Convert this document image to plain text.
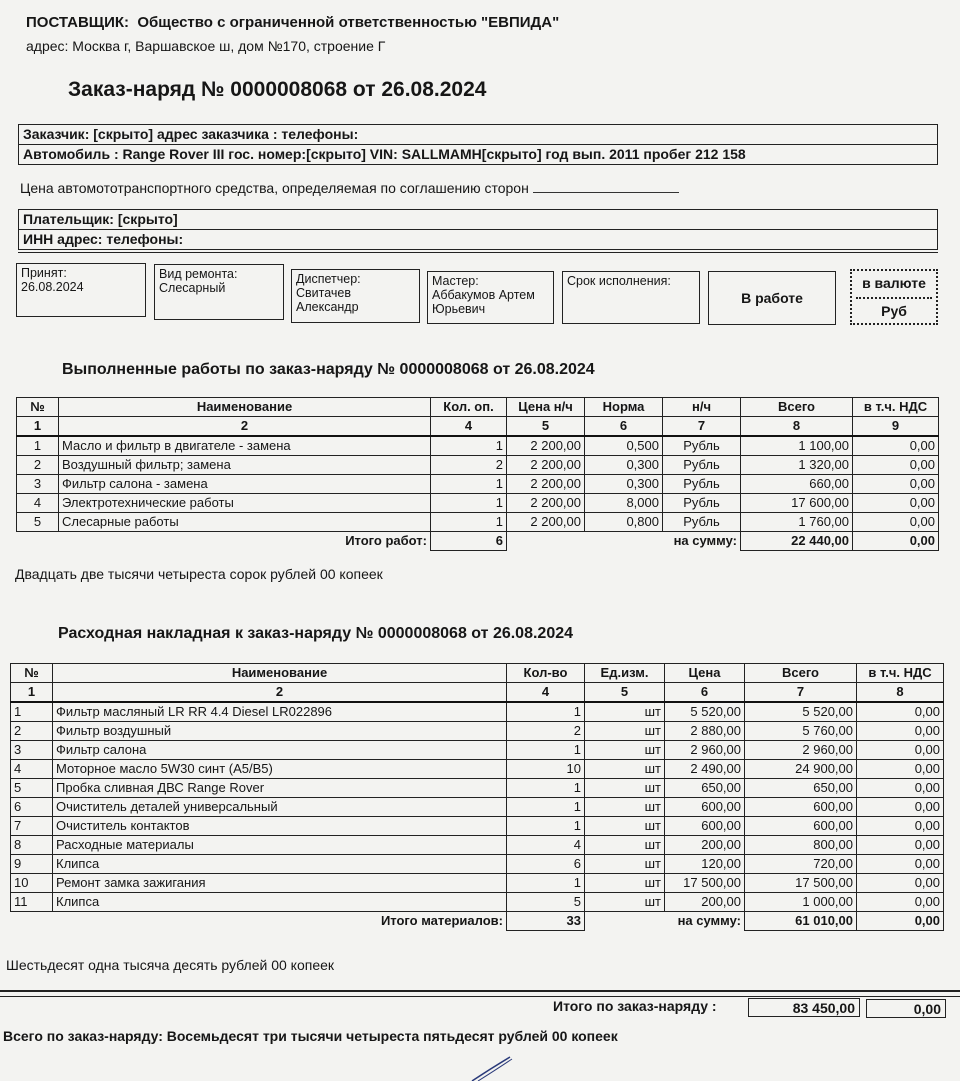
ПОСТАВЩИК: Общество с ограниченной ответственностью "ЕВПИДА"
адрес: Москва г, Варшавское ш, дом №170, строение Г
Заказ-наряд № 0000008068 от 26.08.2024
Заказчик: [скрыто] адрес заказчика : телефоны:
Автомобиль : Range Rover III гос. номер:[скрыто] VIN: SALLMAMH[скрыто] год вып. 2011 пробег 212 158
Цена автомототранспортного средства, определяемая по соглашению сторон
Плательщик: [скрыто]
ИНН адрес: телефоны:
Принят:
26.08.2024
Вид ремонта:
Слесарный
Диспетчер:
Свитачев Александр
Мастер:
Аббакумов Артем Юрьевич
Срок исполнения:
В работе
в валюте
Руб
Выполненные работы по заказ-наряду № 0000008068 от 26.08.2024
№	Наименование	Кол. оп.	Цена н/ч	Норма	н/ч	Всего	в т.ч. НДС
1	2	4	5	6	7	8	9
1	Масло и фильтр в двигателе - замена	1	2 200,00	0,500	Рубль	1 100,00	0,00
2	Воздушный фильтр; замена	2	2 200,00	0,300	Рубль	1 320,00	0,00
3	Фильтр салона - замена	1	2 200,00	0,300	Рубль	660,00	0,00
4	Электротехнические работы	1	2 200,00	8,000	Рубль	17 600,00	0,00
5	Слесарные работы	1	2 200,00	0,800	Рубль	1 760,00	0,00
	Итого работ:	6			на сумму:	22 440,00	0,00
Двадцать две тысячи четыреста сорок рублей 00 копеек
Расходная накладная к заказ-наряду № 0000008068 от 26.08.2024
№	Наименование	Кол-во	Ед.изм.	Цена	Всего	в т.ч. НДС
1	2	4	5	6	7	8
1	Фильтр масляный LR RR 4.4 Diesel LR022896	1	шт	5 520,00	5 520,00	0,00
2	Фильтр воздушный	2	шт	2 880,00	5 760,00	0,00
3	Фильтр салона	1	шт	2 960,00	2 960,00	0,00
4	Моторное масло 5W30 синт (A5/B5)	10	шт	2 490,00	24 900,00	0,00
5	Пробка сливная ДВС Range Rover	1	шт	650,00	650,00	0,00
6	Очиститель деталей универсальный	1	шт	600,00	600,00	0,00
7	Очиститель контактов	1	шт	600,00	600,00	0,00
8	Расходные материалы	4	шт	200,00	800,00	0,00
9	Клипса	6	шт	120,00	720,00	0,00
10	Ремонт замка зажигания	1	шт	17 500,00	17 500,00	0,00
11	Клипса	5	шт	200,00	1 000,00	0,00
	Итого материалов:	33		на сумму:	61 010,00	0,00
Шестьдесят одна тысяча десять рублей 00 копеек
Итого по заказ-наряду :	83 450,00	0,00
Всего по заказ-наряду: Восемьдесят три тысячи четыреста пятьдесят рублей 00 копеек
